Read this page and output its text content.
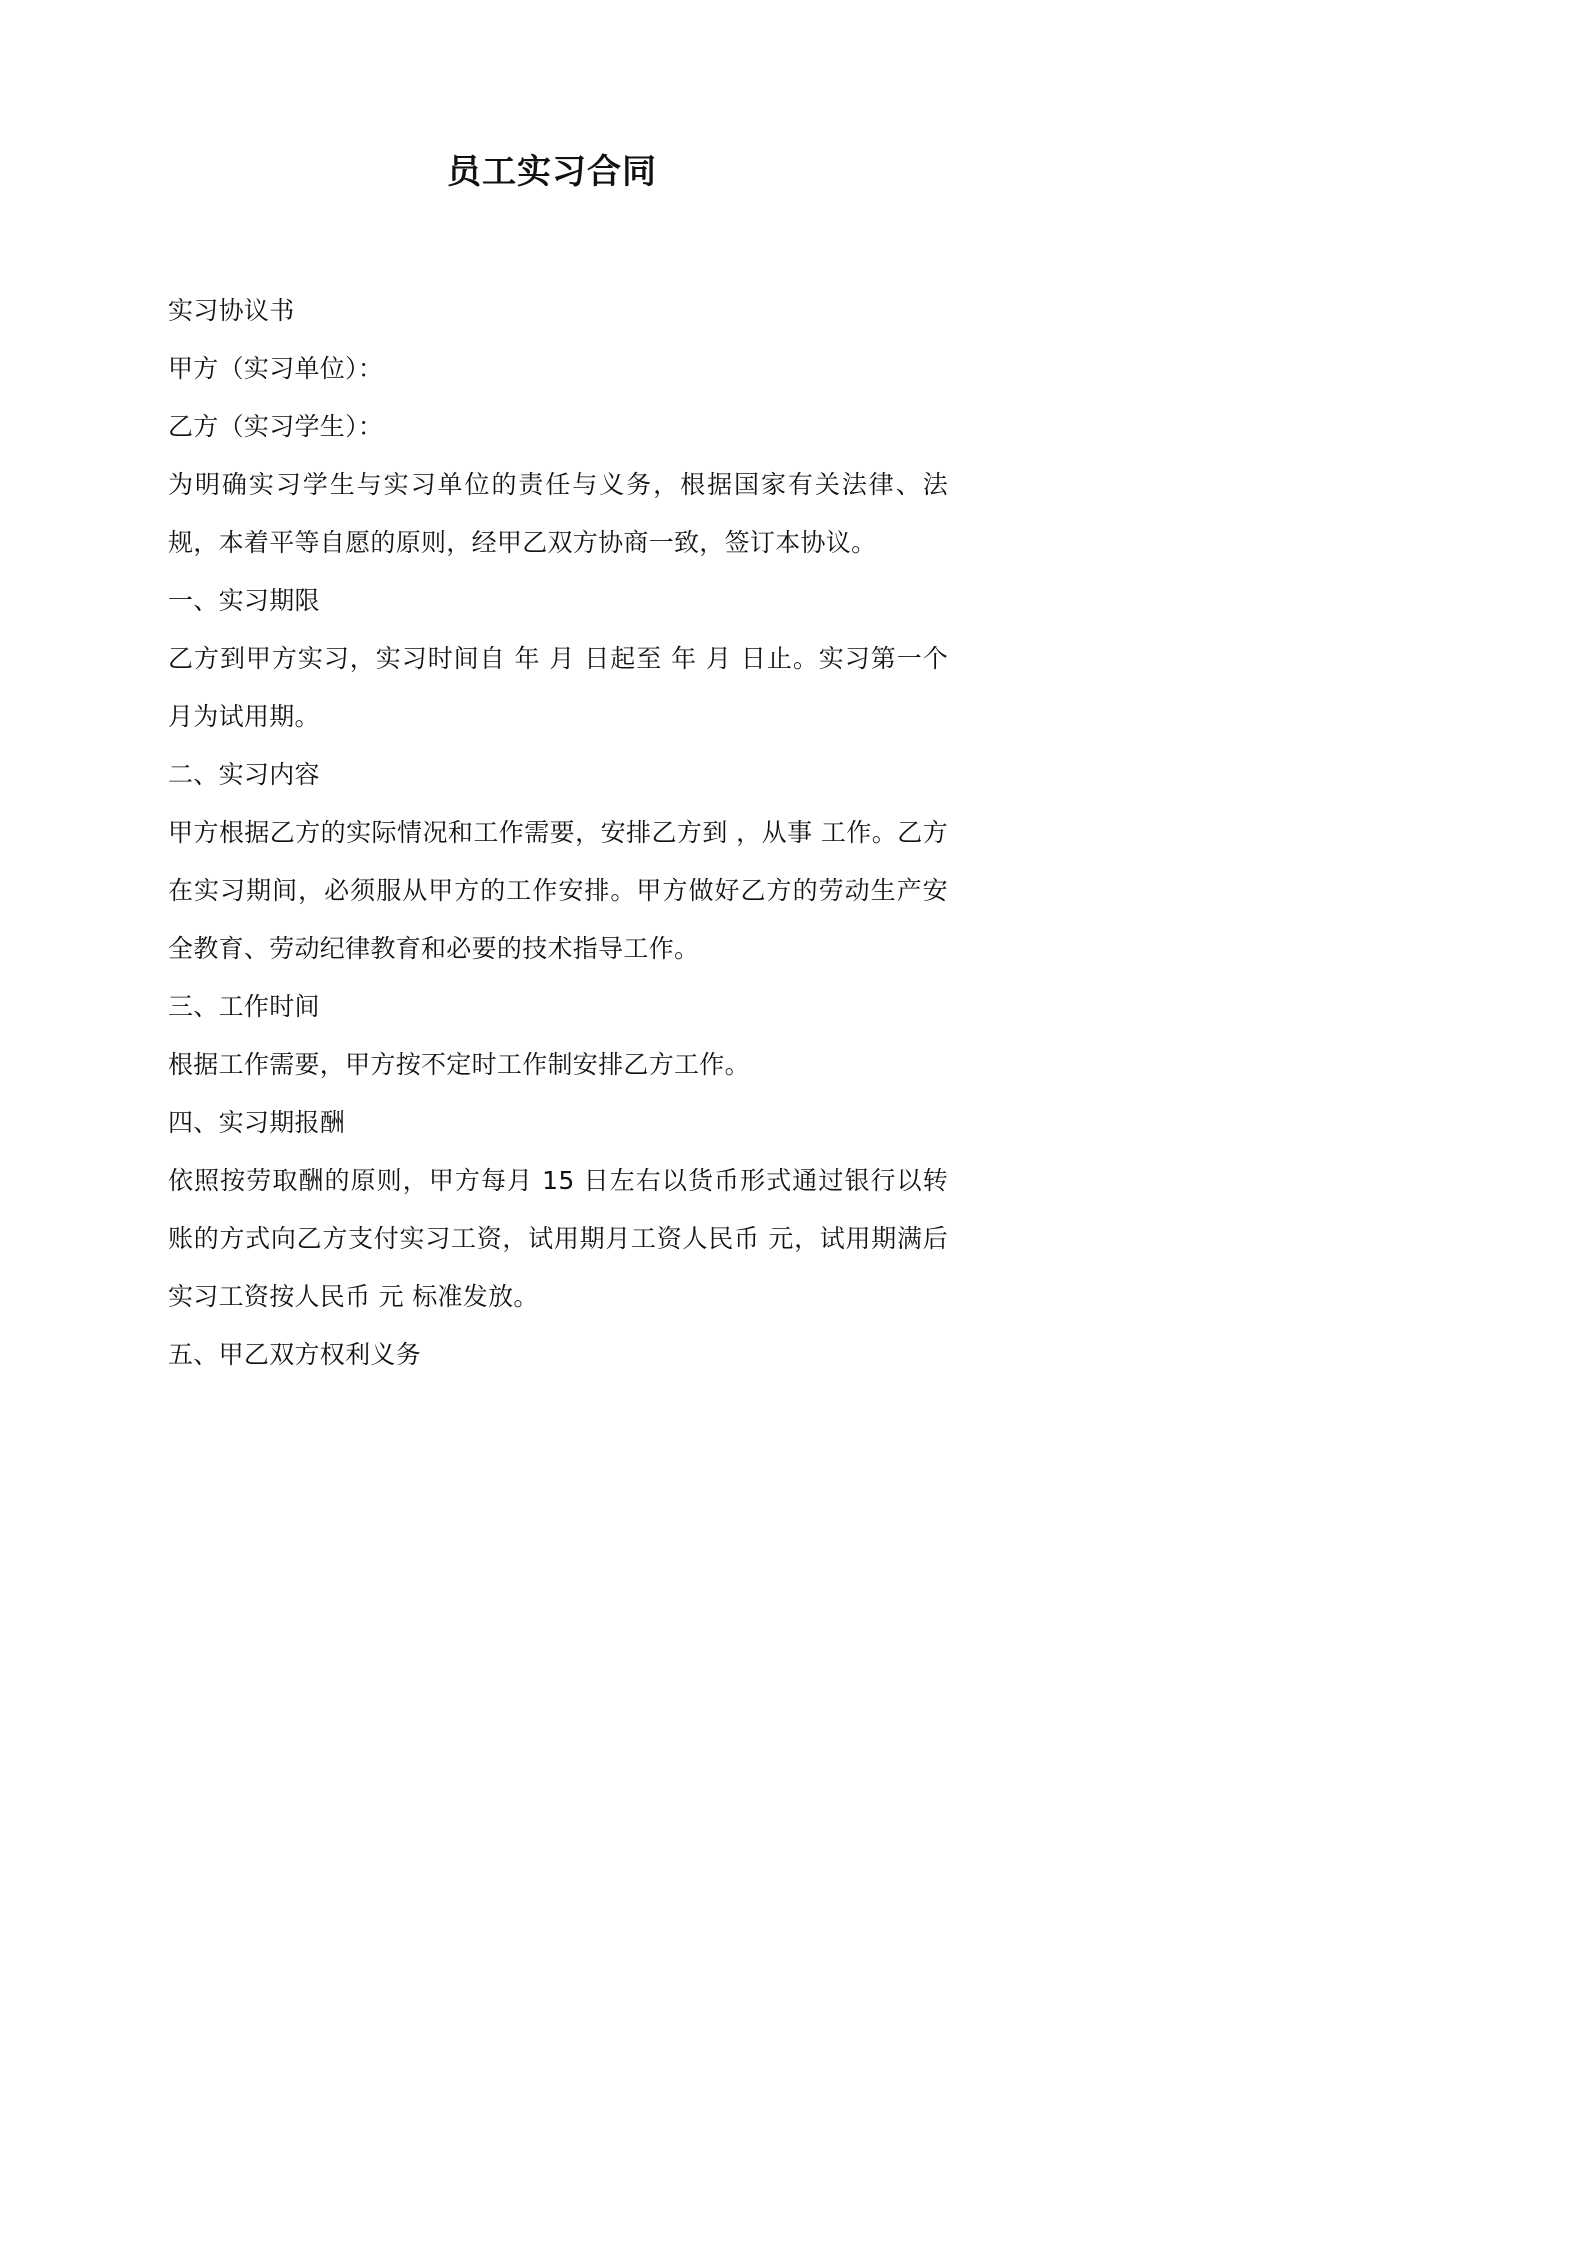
员工实习合同
实习协议书
甲方（实习单位）：
乙方（实习学生）：
为明确实习学生与实习单位的责任与义务，根据国家有关法律、法规，本着平等自愿的原则，经甲乙双方协商一致，签订本协议。
一、实习期限
乙方到甲方实习，实习时间自 年 月 日起至 年 月 日止。实习第一个月为试用期。
二、实习内容
甲方根据乙方的实际情况和工作需要，安排乙方到 ，从事 工作。乙方在实习期间，必须服从甲方的工作安排。甲方做好乙方的劳动生产安全教育、劳动纪律教育和必要的技术指导工作。
三、工作时间
根据工作需要，甲方按不定时工作制安排乙方工作。
四、实习期报酬
依照按劳取酬的原则，甲方每月 15 日左右以货币形式通过银行以转账的方式向乙方支付实习工资，试用期月工资人民币 元，试用期满后实习工资按人民币 元 标准发放。
五、甲乙双方权利义务
